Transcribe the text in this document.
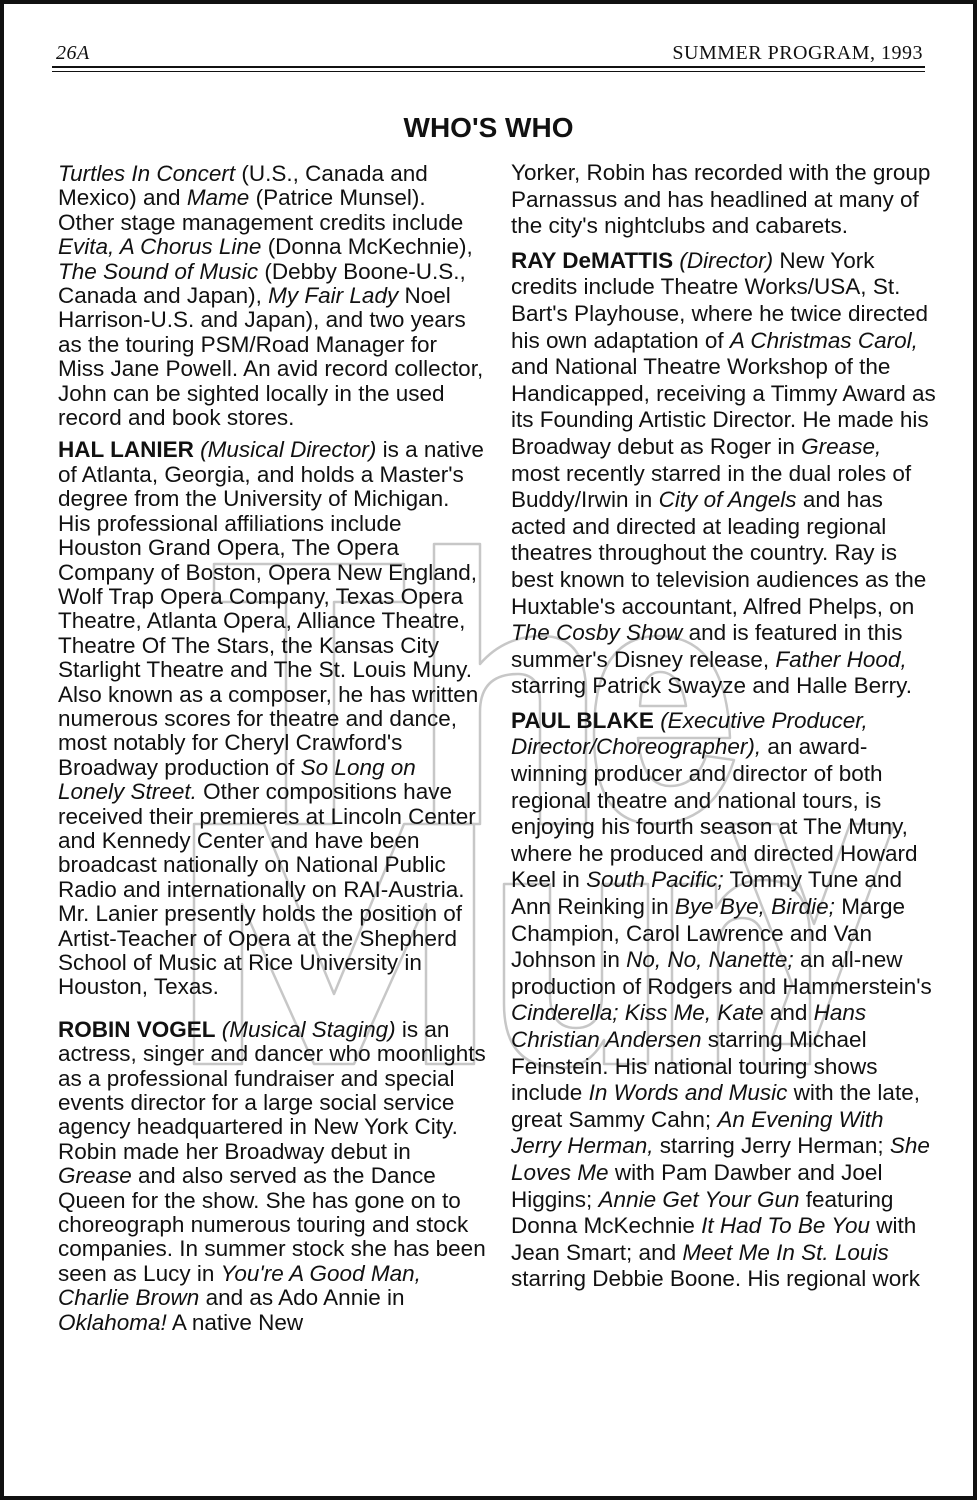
26A	SUMMER PROGRAM, 1993
WHO'S WHO

Turtles In Concert (U.S., Canada and Mexico) and Mame (Patrice Munsel). Other stage management credits include Evita, A Chorus Line (Donna McKechnie), The Sound of Music (Debby Boone-U.S., Canada and Japan), My Fair Lady Noel Harrison-U.S. and Japan), and two years as the touring PSM/Road Manager for Miss Jane Powell. An avid record collector, John can be sighted locally in the used record and book stores.

HAL LANIER (Musical Director) is a native of Atlanta, Georgia, and holds a Master's degree from the University of Michigan. His professional affiliations include Houston Grand Opera, The Opera Company of Boston, Opera New England, Wolf Trap Opera Company, Texas Opera Theatre, Atlanta Opera, Alliance Theatre, Theatre Of The Stars, the Kansas City Starlight Theatre and The St. Louis Muny. Also known as a composer, he has written numerous scores for theatre and dance, most notably for Cheryl Crawford's Broadway production of So Long on Lonely Street. Other compositions have received their premieres at Lincoln Center and Kennedy Center and have been broadcast nationally on National Public Radio and internationally on RAI-Austria. Mr. Lanier presently holds the position of Artist-Teacher of Opera at the Shepherd School of Music at Rice University in Houston, Texas.

ROBIN VOGEL (Musical Staging) is an actress, singer and dancer who moonlights as a professional fundraiser and special events director for a large social service agency headquartered in New York City. Robin made her Broadway debut in Grease and also served as the Dance Queen for the show. She has gone on to choreograph numerous touring and stock companies. In summer stock she has been seen as Lucy in You're A Good Man, Charlie Brown and as Ado Annie in Oklahoma! A native New

Yorker, Robin has recorded with the group Parnassus and has headlined at many of the city's nightclubs and cabarets.

RAY DeMATTIS (Director) New York credits include Theatre Works/USA, St. Bart's Playhouse, where he twice directed his own adaptation of A Christmas Carol, and National Theatre Workshop of the Handicapped, receiving a Timmy Award as its Founding Artistic Director. He made his Broadway debut as Roger in Grease, most recently starred in the dual roles of Buddy/Irwin in City of Angels and has acted and directed at leading regional theatres throughout the country. Ray is best known to television audiences as the Huxtable's accountant, Alfred Phelps, on The Cosby Show and is featured in this summer's Disney release, Father Hood, starring Patrick Swayze and Halle Berry.

PAUL BLAKE (Executive Producer, Director/Choreographer), an award-winning producer and director of both regional theatre and national tours, is enjoying his fourth season at The Muny, where he produced and directed Howard Keel in South Pacific; Tommy Tune and Ann Reinking in Bye Bye, Birdie; Marge Champion, Carol Lawrence and Van Johnson in No, No, Nanette; an all-new production of Rodgers and Hammerstein's Cinderella; Kiss Me, Kate and Hans Christian Andersen starring Michael Feinstein. His national touring shows include In Words and Music with the late, great Sammy Cahn; An Evening With Jerry Herman, starring Jerry Herman; She Loves Me with Pam Dawber and Joel Higgins; Annie Get Your Gun featuring Donna McKechnie It Had To Be You with Jean Smart; and Meet Me In St. Louis starring Debbie Boone. His regional work
